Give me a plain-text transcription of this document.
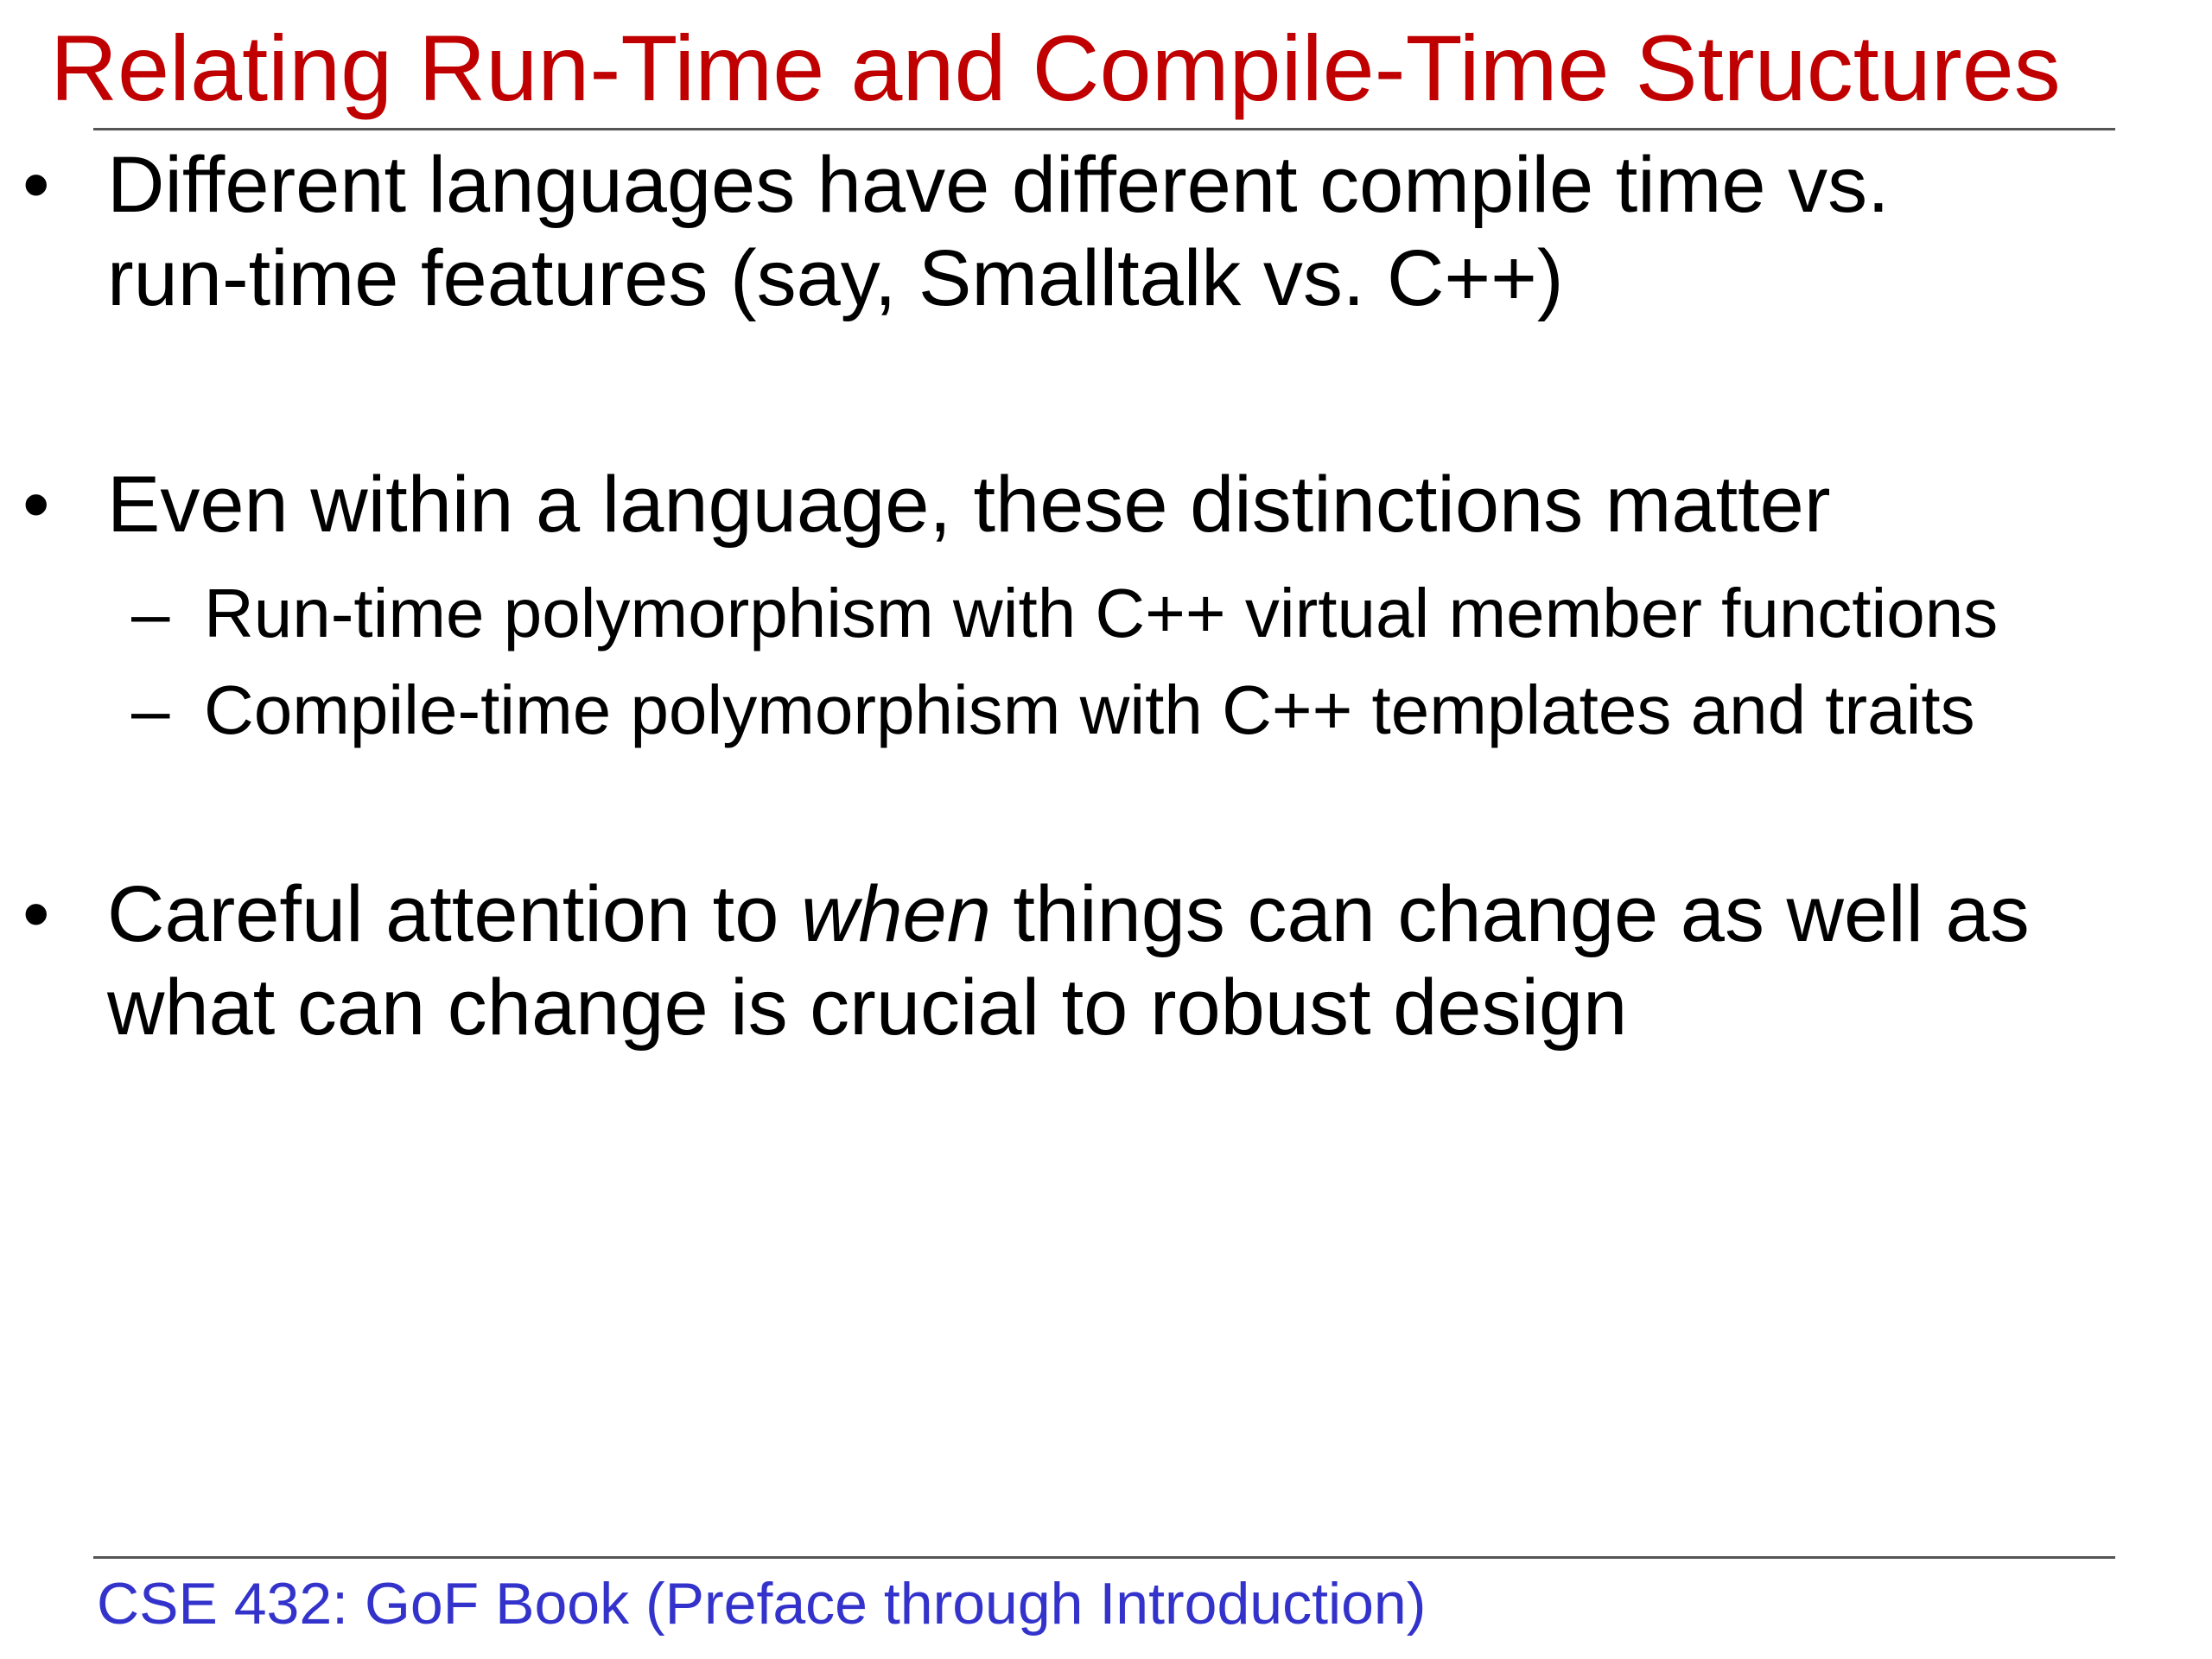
Relating Run-Time and Compile-Time Structures
• Different languages have different compile time vs.
run-time features (say, Smalltalk vs. C++)
• Even within a language, these distinctions matter
– Run-time polymorphism with C++ virtual member functions
– Compile-time polymorphism with C++ templates and traits
• Careful attention to when things can change as well as
what can change is crucial to robust design
CSE 432: GoF Book (Preface through Introduction)
